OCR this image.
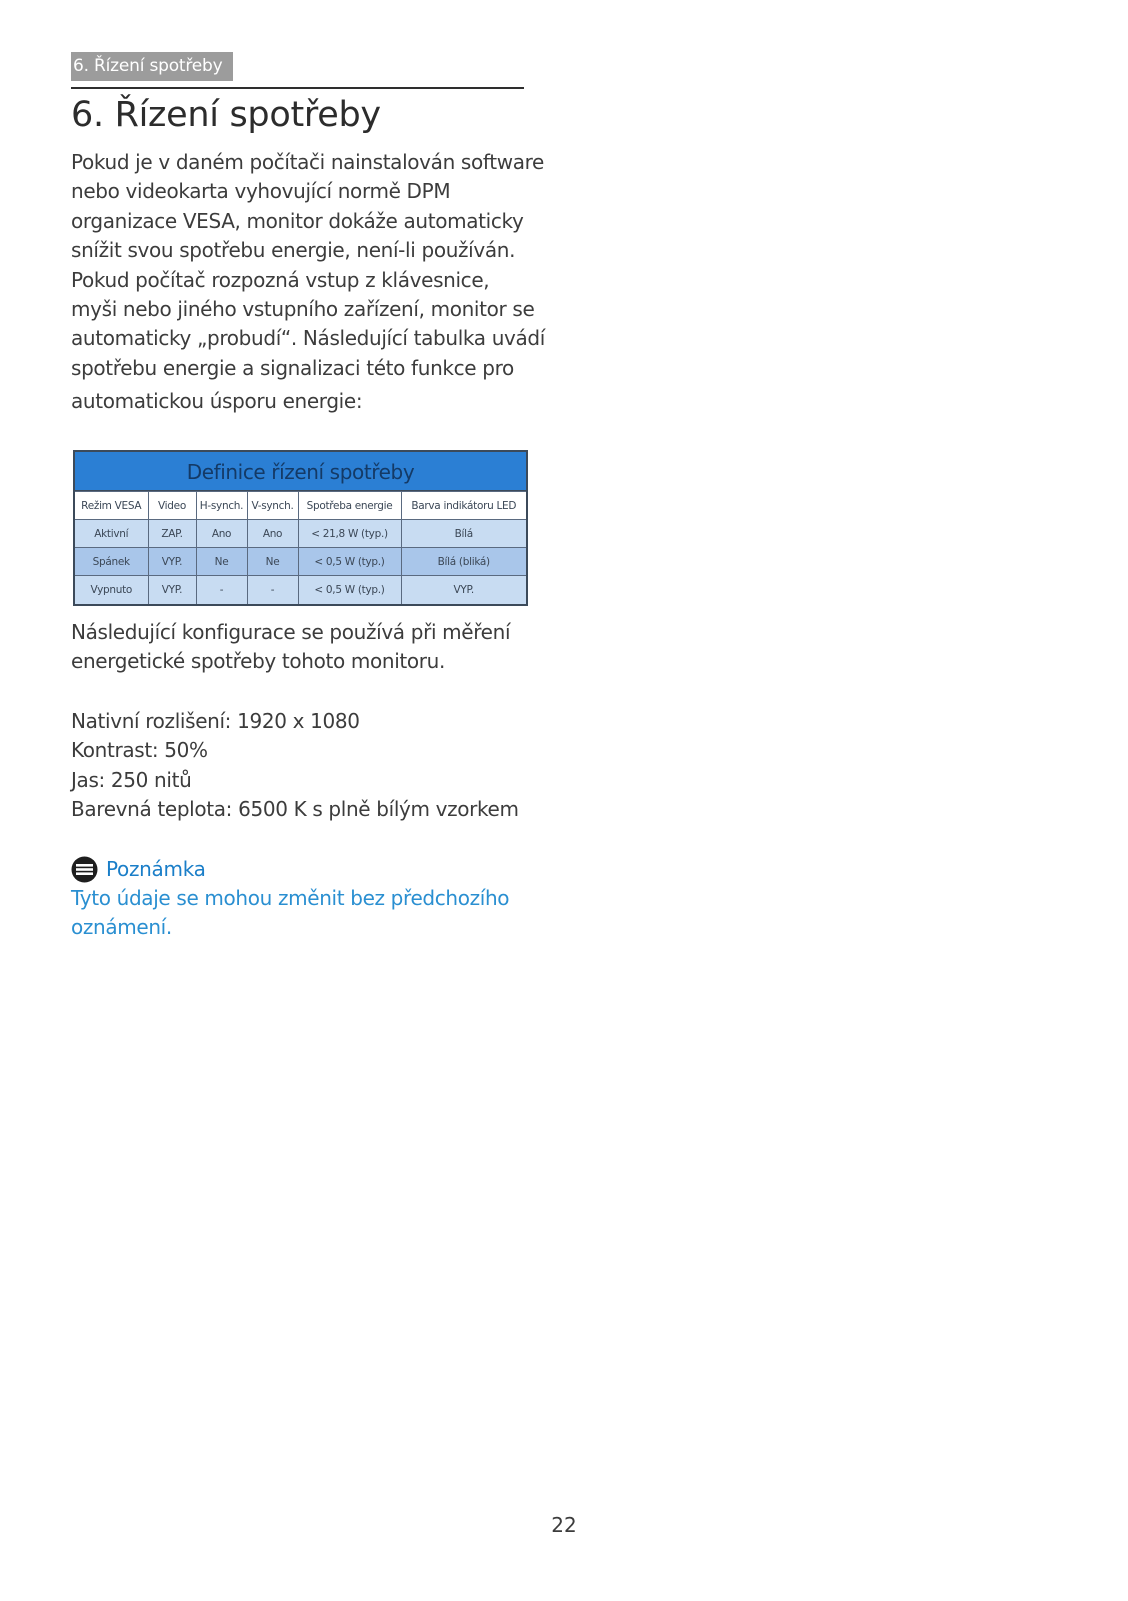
6. Řízení spotřeby
6. Řízení spotřeby
Pokud je v daném počítači nainstalován software
nebo videokarta vyhovující normě DPM
organizace VESA, monitor dokáže automaticky
snížit svou spotřebu energie, není-li používán.
Pokud počítač rozpozná vstup z klávesnice,
myši nebo jiného vstupního zařízení, monitor se
automaticky „probudí“. Následující tabulka uvádí
spotřebu energie a signalizaci této funkce pro
automatickou úsporu energie:
Definice řízení spotřeby
Režim VESA	Video	H-synch.	V-synch.	Spotřeba energie	Barva indikátoru LED
Aktivní	ZAP.	Ano	Ano	< 21,8 W (typ.)	Bílá
Spánek	VYP.	Ne	Ne	< 0,5 W (typ.)	Bílá (bliká)
Vypnuto	VYP.	-	-	< 0,5 W (typ.)	VYP.
Následující konfigurace se používá při měření
energetické spotřeby tohoto monitoru.
Nativní rozlišení: 1920 x 1080
Kontrast: 50%
Jas: 250 nitů
Barevná teplota: 6500 K s plně bílým vzorkem
Poznámka
Tyto údaje se mohou změnit bez předchozího
oznámení.
22
